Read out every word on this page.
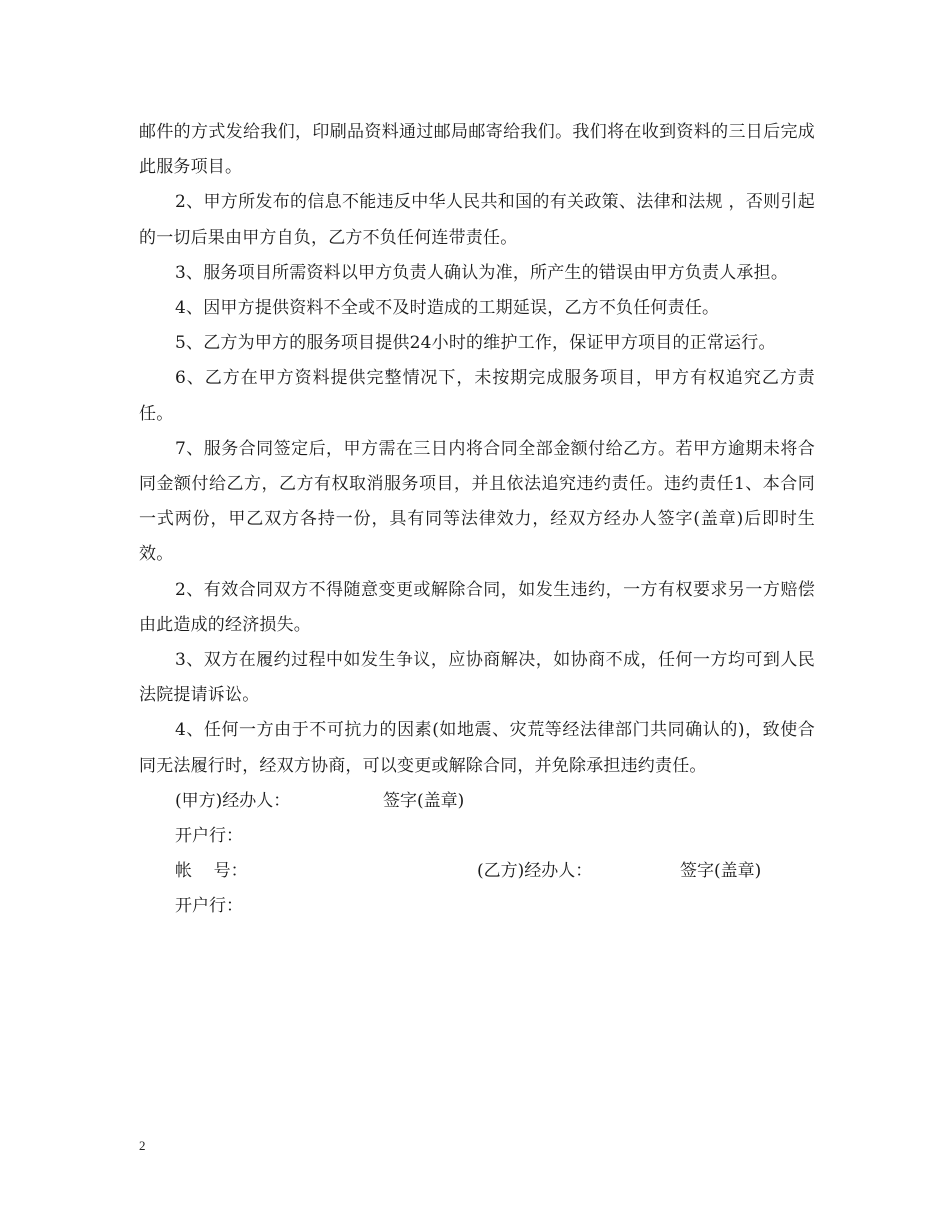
邮件的方式发给我们，印刷品资料通过邮局邮寄给我们。我们将在收到资料的三日后完成此服务项目。

2、甲方所发布的信息不能违反中华人民共和国的有关政策、法律和法规 ，否则引起的一切后果由甲方自负，乙方不负任何连带责任。

3、服务项目所需资料以甲方负责人确认为准，所产生的错误由甲方负责人承担。

4、因甲方提供资料不全或不及时造成的工期延误，乙方不负任何责任。

5、乙方为甲方的服务项目提供24小时的维护工作，保证甲方项目的正常运行。

6、乙方在甲方资料提供完整情况下，未按期完成服务项目，甲方有权追究乙方责任。

7、服务合同签定后，甲方需在三日内将合同全部金额付给乙方。若甲方逾期未将合同金额付给乙方，乙方有权取消服务项目，并且依法追究违约责任。违约责任1、本合同一式两份，甲乙双方各持一份，具有同等法律效力，经双方经办人签字(盖章)后即时生效。

2、有效合同双方不得随意变更或解除合同，如发生违约，一方有权要求另一方赔偿由此造成的经济损失。

3、双方在履约过程中如发生争议，应协商解决，如协商不成，任何一方均可到人民法院提请诉讼。

4、任何一方由于不可抗力的因素(如地震、灾荒等经法律部门共同确认的)，致使合同无法履行时，经双方协商，可以变更或解除合同，并免除承担违约责任。

(甲方)经办人：	签字(盖章)
开户行：
帐    号：	(乙方)经办人：	签字(盖章)
开户行：
2
